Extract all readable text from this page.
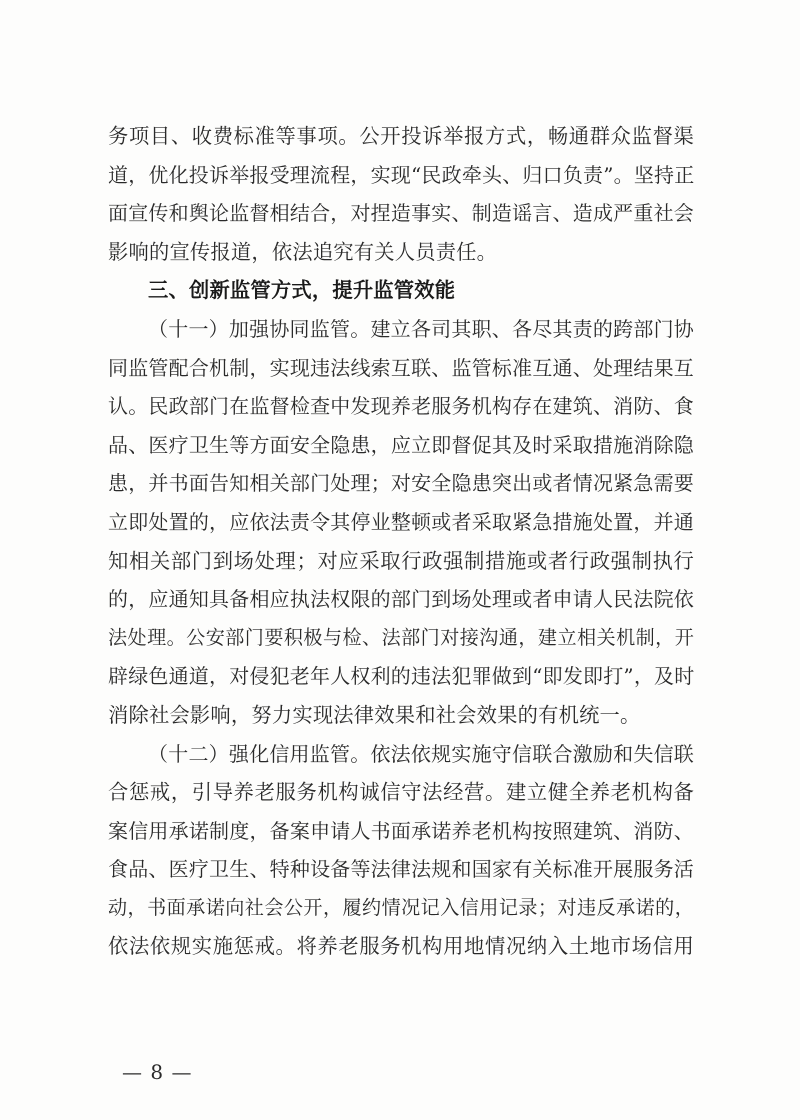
务项目、收费标准等事项。公开投诉举报方式，畅通群众监督渠
道，优化投诉举报受理流程，实现“民政牵头、归口负责”。坚持正
面宣传和舆论监督相结合，对捏造事实、制造谣言、造成严重社会
影响的宣传报道，依法追究有关人员责任。
三、创新监管方式，提升监管效能
（十一）加强协同监管。建立各司其职、各尽其责的跨部门协
同监管配合机制，实现违法线索互联、监管标准互通、处理结果互
认。民政部门在监督检查中发现养老服务机构存在建筑、消防、食
品、医疗卫生等方面安全隐患，应立即督促其及时采取措施消除隐
患，并书面告知相关部门处理；对安全隐患突出或者情况紧急需要
立即处置的，应依法责令其停业整顿或者采取紧急措施处置，并通
知相关部门到场处理；对应采取行政强制措施或者行政强制执行
的，应通知具备相应执法权限的部门到场处理或者申请人民法院依
法处理。公安部门要积极与检、法部门对接沟通，建立相关机制，开
辟绿色通道，对侵犯老年人权利的违法犯罪做到“即发即打”，及时
消除社会影响，努力实现法律效果和社会效果的有机统一。
（十二）强化信用监管。依法依规实施守信联合激励和失信联
合惩戒，引导养老服务机构诚信守法经营。建立健全养老机构备
案信用承诺制度，备案申请人书面承诺养老机构按照建筑、消防、
食品、医疗卫生、特种设备等法律法规和国家有关标准开展服务活
动，书面承诺向社会公开，履约情况记入信用记录；对违反承诺的，
依法依规实施惩戒。将养老服务机构用地情况纳入土地市场信用
— 8 —
